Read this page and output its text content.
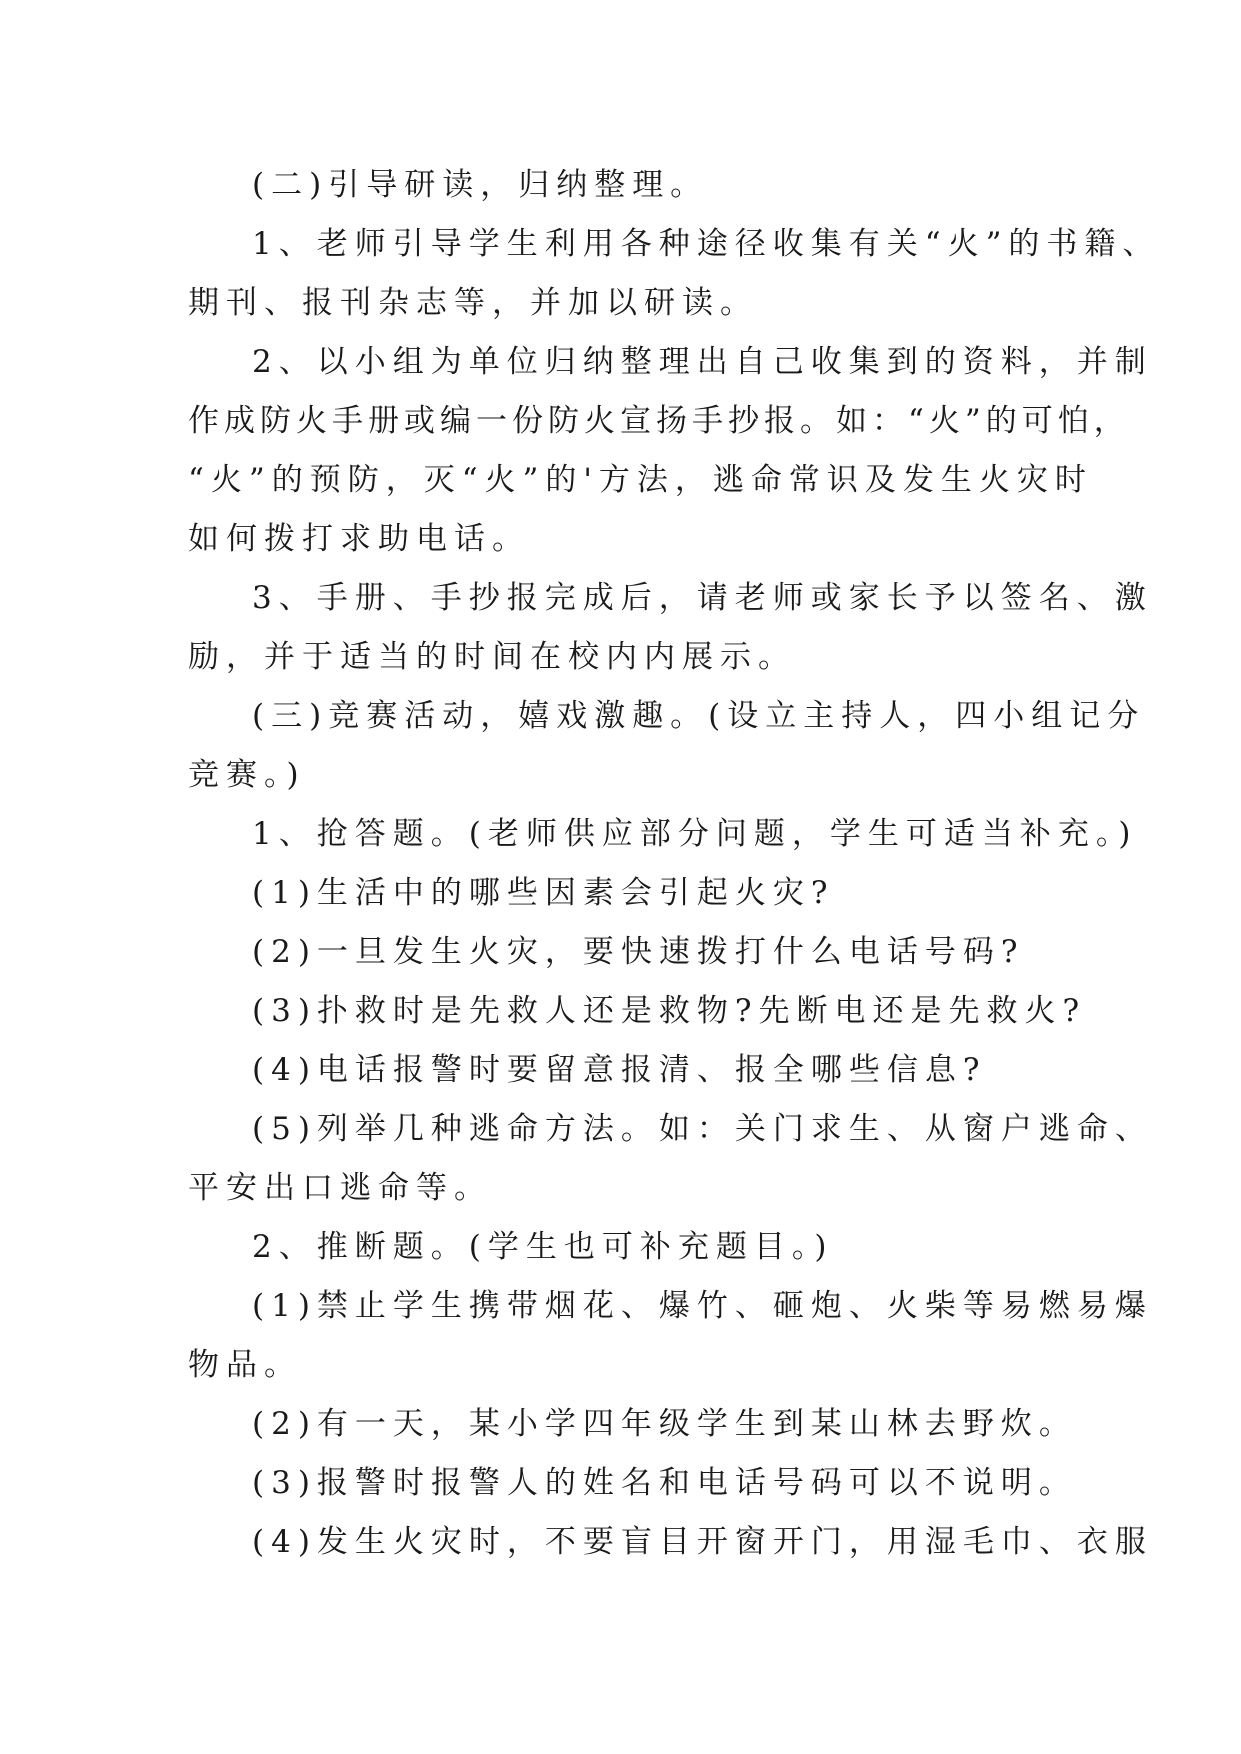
(二)引导研读，归纳整理。

1、老师引导学生利用各种途径收集有关“火”的书籍、

期刊、报刊杂志等，并加以研读。

2、以小组为单位归纳整理出自己收集到的资料，并制

作成防火手册或编一份防火宣扬手抄报。如：“火”的可怕，

“火”的预防，灭“火”的'方法，逃命常识及发生火灾时

如何拨打求助电话。

3、手册、手抄报完成后，请老师或家长予以签名、激

励，并于适当的时间在校内内展示。

(三)竞赛活动，嬉戏激趣。(设立主持人，四小组记分

竞赛。)

1、抢答题。(老师供应部分问题，学生可适当补充。)

(1)生活中的哪些因素会引起火灾?

(2)一旦发生火灾，要快速拨打什么电话号码?

(3)扑救时是先救人还是救物?先断电还是先救火?

(4)电话报警时要留意报清、报全哪些信息?

(5)列举几种逃命方法。如：关门求生、从窗户逃命、

平安出口逃命等。

2、推断题。(学生也可补充题目。)

(1)禁止学生携带烟花、爆竹、砸炮、火柴等易燃易爆

物品。

(2)有一天，某小学四年级学生到某山林去野炊。

(3)报警时报警人的姓名和电话号码可以不说明。

(4)发生火灾时，不要盲目开窗开门，用湿毛巾、衣服
